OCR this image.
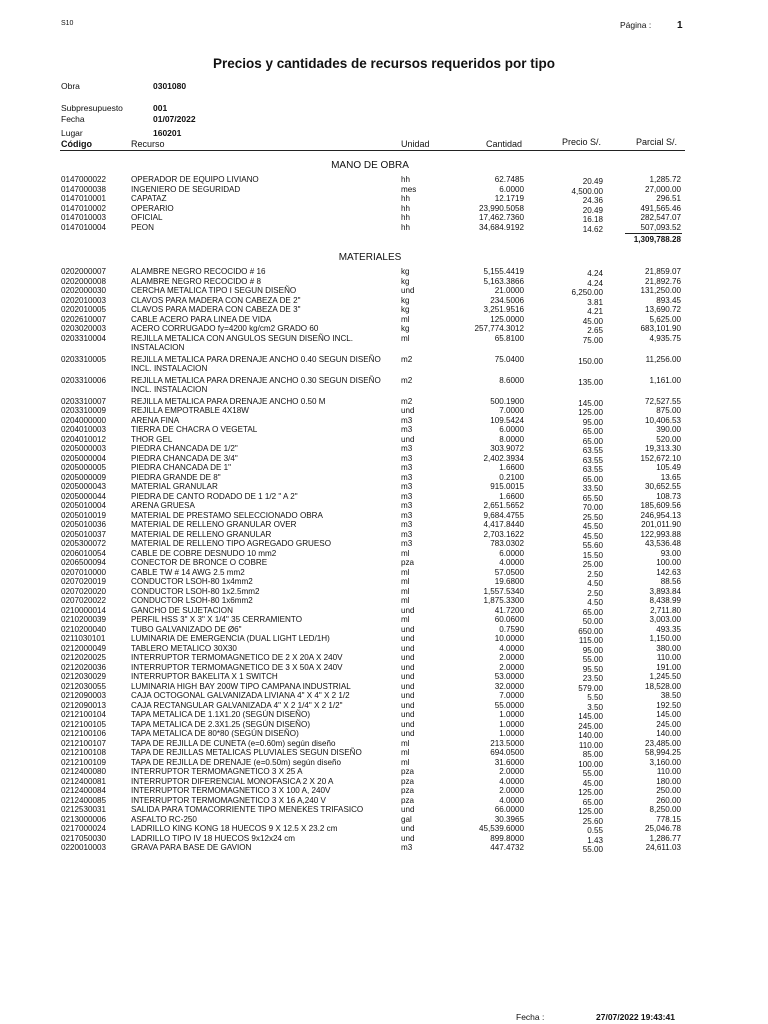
S10	Página :	1
Precios y cantidades de recursos requeridos por tipo
Obra	0301080
Subpresupuesto	001
Fecha	01/07/2022
Lugar	160201
Código	Recurso	Unidad	Cantidad	Precio S/.	Parcial S/.
MANO DE OBRA
0147000022	OPERADOR DE EQUIPO LIVIANO	hh	62.7485	20.49	1,285.72
0147000038	INGENIERO DE SEGURIDAD	mes	6.0000	4,500.00	27,000.00
0147010001	CAPATAZ	hh	12.1719	24.36	296.51
0147010002	OPERARIO	hh	23,990.5058	20.49	491,565.46
0147010003	OFICIAL	hh	17,462.7360	16.18	282,547.07
0147010004	PEON	hh	34,684.9192	14.62	507,093.52
1,309,788.28
MATERIALES
0202000007	ALAMBRE NEGRO RECOCIDO # 16	kg	5,155.4419	4.24	21,859.07
0202000008	ALAMBRE NEGRO RECOCIDO # 8	kg	5,163.3866	4.24	21,892.76
0202000030	CERCHA METALICA TIPO I SEGUN DISEÑO	und	21.0000	6,250.00	131,250.00
0202010003	CLAVOS PARA MADERA CON CABEZA DE 2"	kg	234.5006	3.81	893.45
0202010005	CLAVOS PARA MADERA CON CABEZA DE 3"	kg	3,251.9516	4.21	13,690.72
0202610007	CABLE ACERO PARA LINEA DE VIDA	ml	125.0000	45.00	5,625.00
0203020003	ACERO CORRUGADO fy=4200 kg/cm2 GRADO 60	kg	257,774.3012	2.65	683,101.90
0203310004	REJILLA METALICA CON ANGULOS SEGUN DISEÑO INCL. INSTALACION
ml	65.8100	75.00	4,935.75
0203310005	REJILLA METALICA PARA DRENAJE ANCHO 0.40 SEGUN DISEÑO INCL. INSTALACION
m2	75.0400	150.00	11,256.00
0203310006	REJILLA METALICA PARA DRENAJE ANCHO 0.30 SEGUN DISEÑO INCL. INSTALACION
m2	8.6000	135.00	1,161.00
0203310007	REJILLA METALICA PARA DRENAJE ANCHO 0.50 M	m2	500.1900	145.00	72,527.55
0203310009	REJILLA EMPOTRABLE 4X18W	und	7.0000	125.00	875.00
0204000000	ARENA FINA	m3	109.5424	95.00	10,406.53
0204010003	TIERRA DE CHACRA O VEGETAL	m3	6.0000	65.00	390.00
0204010012	THOR GEL	und	8.0000	65.00	520.00
0205000003	PIEDRA CHANCADA DE 1/2"	m3	303.9072	63.55	19,313.30
0205000004	PIEDRA CHANCADA DE 3/4"	m3	2,402.3934	63.55	152,672.10
0205000005	PIEDRA CHANCADA DE 1"	m3	1.6600	63.55	105.49
0205000009	PIEDRA GRANDE DE 8"	m3	0.2100	65.00	13.65
0205000043	MATERIAL GRANULAR	m3	915.0015	33.50	30,652.55
0205000044	PIEDRA DE CANTO RODADO DE 1 1/2 " A 2"	m3	1.6600	65.50	108.73
0205010004	ARENA GRUESA	m3	2,651.5652	70.00	185,609.56
0205010019	MATERIAL DE PRESTAMO SELECCIONADO OBRA	m3	9,684.4755	25.50	246,954.13
0205010036	MATERIAL DE RELLENO GRANULAR OVER	m3	4,417.8440	45.50	201,011.90
0205010037	MATERIAL DE RELLENO GRANULAR	m3	2,703.1622	45.50	122,993.88
0205300072	MATERIAL DE RELLENO TIPO AGREGADO GRUESO	m3	783.0302	55.60	43,536.48
0206010054	CABLE DE COBRE DESNUDO 10 mm2	ml	6.0000	15.50	93.00
0206500094	CONECTOR DE BRONCE O COBRE	pza	4.0000	25.00	100.00
0207010000	CABLE TW # 14 AWG 2.5 mm2	ml	57.0500	2.50	142.63
0207020019	CONDUCTOR LSOH-80 1x4mm2	ml	19.6800	4.50	88.56
0207020020	CONDUCTOR LSOH-80 1x2.5mm2	ml	1,557.5340	2.50	3,893.84
0207020022	CONDUCTOR LSOH-80 1x6mm2	ml	1,875.3300	4.50	8,438.99
0210000014	GANCHO DE SUJETACION	und	41.7200	65.00	2,711.80
0210200039	PERFIL HSS 3" X 3" X 1/4" 35 CERRAMIENTO	ml	60.0600	50.00	3,003.00
0210200040	TUBO GALVANIZADO DE Ø6"	und	0.7590	650.00	493.35
0211030101	LUMINARIA DE EMERGENCIA (DUAL LIGHT LED/1H)	und	10.0000	115.00	1,150.00
0212000049	TABLERO METALICO 30X30	und	4.0000	95.00	380.00
0212020025	INTERRUPTOR TERMOMAGNETICO DE 2 X 20A X 240V	und	2.0000	55.00	110.00
0212020036	INTERRUPTOR TERMOMAGNETICO DE 3 X 50A X 240V	und	2.0000	95.50	191.00
0212030029	INTERRUPTOR BAKELITA X 1 SWITCH	und	53.0000	23.50	1,245.50
0212030055	LUMINARIA HIGH BAY 200W TIPO CAMPANA INDUSTRIAL	und	32.0000	579.00	18,528.00
0212090003	CAJA OCTOGONAL GALVANIZADA LIVIANA 4" X 4" X 2 1/2	und	7.0000	5.50	38.50
0212090013	CAJA RECTANGULAR GALVANIZADA 4" X 2 1/4" X 2 1/2"	und	55.0000	3.50	192.50
0212100104	TAPA METALICA DE 1.1X1.20 (SEGÚN DISEÑO)	und	1.0000	145.00	145.00
0212100105	TAPA METALICA DE 2.3X1.25 (SEGÚN DISEÑO)	und	1.0000	245.00	245.00
0212100106	TAPA METALICA DE 80*80 (SEGÚN DISEÑO)	und	1.0000	140.00	140.00
0212100107	TAPA DE REJILLA DE CUNETA (e=0.60m) según diseño	ml	213.5000	110.00	23,485.00
0212100108	TAPA DE REJILLAS METALICAS PLUVIALES SEGUN DISEÑO	ml	694.0500	85.00	58,994.25
0212100109	TAPA DE REJILLA DE DRENAJE (e=0.50m) según diseño	ml	31.6000	100.00	3,160.00
0212400080	INTERRUPTOR TERMOMAGNETICO 3 X 25 A	pza	2.0000	55.00	110.00
0212400081	INTERRUPTOR DIFERENCIAL MONOFASICA 2 X 20 A	pza	4.0000	45.00	180.00
0212400084	INTERRUPTOR TERMOMAGNETICO 3 X 100 A, 240V	pza	2.0000	125.00	250.00
0212400085	INTERRUPTOR TERMOMAGNETICO 3 X 16 A,240 V	pza	4.0000	65.00	260.00
0212530031	SALIDA PARA TOMACORRIENTE TIPO MENEKES TRIFASICO	und	66.0000	125.00	8,250.00
0213000006	ASFALTO RC-250	gal	30.3965	25.60	778.15
0217000024	LADRILLO KING KONG 18 HUECOS 9 X 12.5 X 23.2 cm	und	45,539.6000	0.55	25,046.78
0217050030	LADRILLO TIPO IV 18 HUECOS 9x12x24 cm	und	899.8000	1.43	1,286.77
0220010003	GRAVA PARA BASE DE GAVION	m3	447.4732	55.00	24,611.03
Fecha :	27/07/2022 19:43:41
